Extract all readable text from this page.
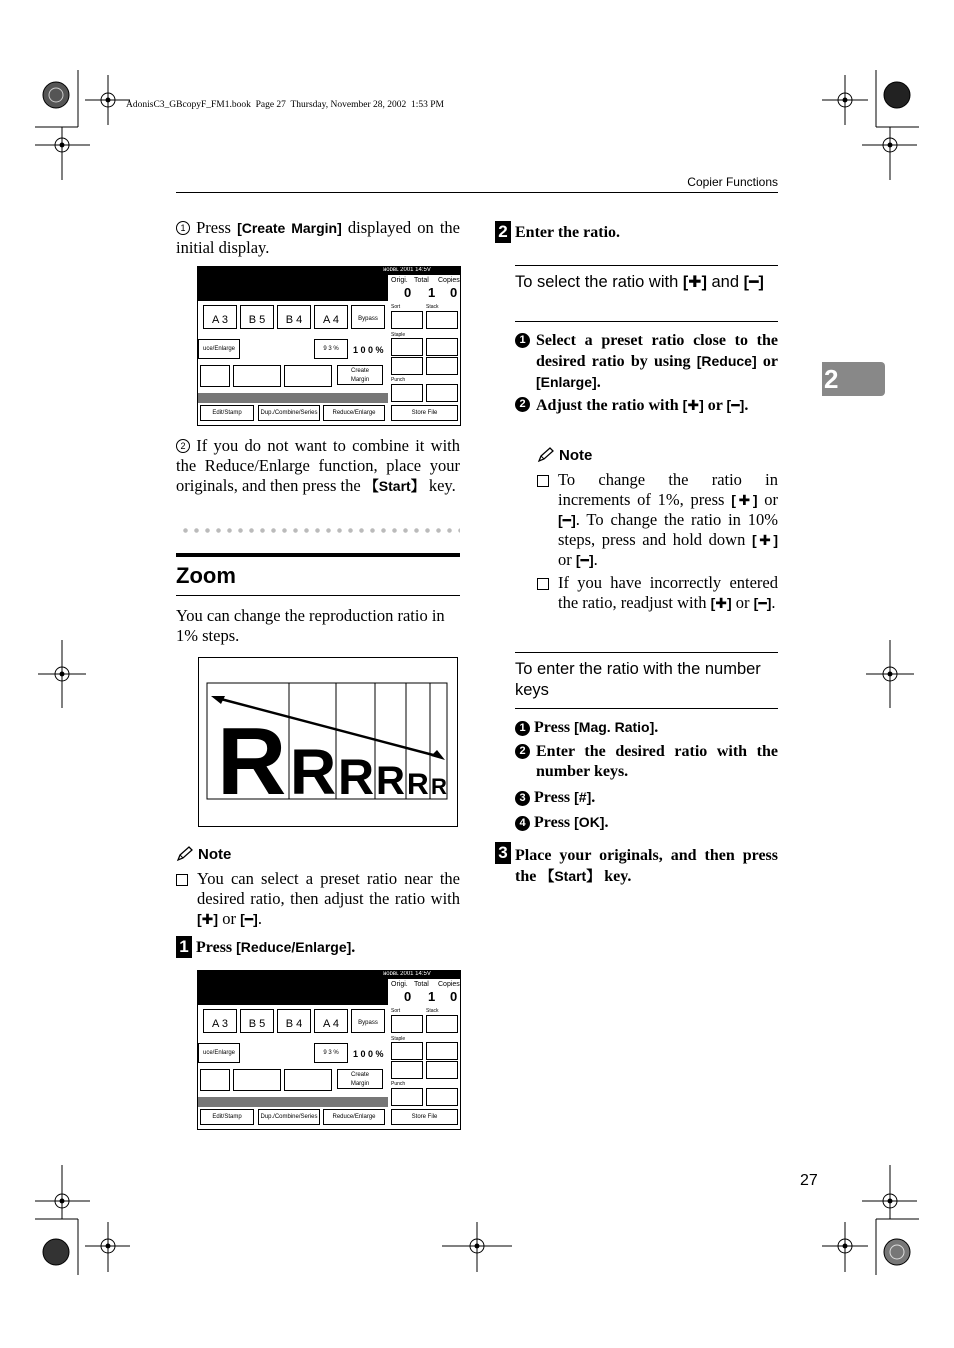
AdonisC3_GBcopyF_FM1.book  Page 27  Thursday, November 28, 2002  1:53 PM
Copier Functions
2
1 Press [Create Margin] displayed on the initial display.
ᴚᴏᴅʙʟ 2001 14:5V
Origi. Total Copies
0 1 0
A 3	B 5	B 4	A 4	Bypass
Sort	Stack
uce/Enlarge	9 3 %	1 0 0 %
Staple
Create
Margin	Punch
Edit/Stamp	Dup./Combine/Series	Reduce/Enlarge	Store File
2 If you do not want to combine it with the Reduce/Enlarge function, place your originals, and then press the 【Start】 key.
Zoom
You can change the reproduction ratio in 1% steps.
R R R R R R
Note
You can select a preset ratio near the desired ratio, then adjust the ratio with [✚] or [━].
1 Press [Reduce/Enlarge].
ᴚᴏᴅʙʟ 2001 14:5V
Origi. Total Copies
0 1 0
A 3	B 5	B 4	A 4	Bypass
Sort	Stack
uce/Enlarge	9 3 %	1 0 0 %
Staple
Create
Margin	Punch
Edit/Stamp	Dup./Combine/Series	Reduce/Enlarge	Store File
2 Enter the ratio.
To select the ratio with [✚] and [━]
1 Select a preset ratio close to the desired ratio by using [Reduce] or [Enlarge].
2 Adjust the ratio with [✚] or [━].
Note
To change the ratio in increments of 1%, press [✚] or [━]. To change the ratio in 10% steps, press and hold down [✚] or [━].
If you have incorrectly entered the ratio, readjust with [✚] or [━].
To enter the ratio with the number keys
1 Press [Mag. Ratio].
2 Enter the desired ratio with the number keys.
3 Press [#].
4 Press [OK].
3 Place your originals, and then press the 【Start】 key.
27
